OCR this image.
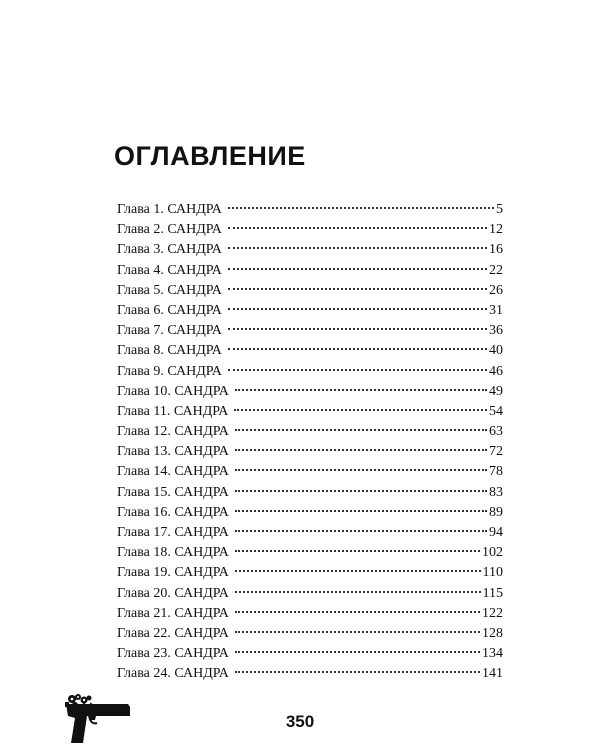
ОГЛАВЛЕНИЕ
Глава 1. САНДРА	5
Глава 2. САНДРА	12
Глава 3. САНДРА	16
Глава 4. САНДРА	22
Глава 5. САНДРА	26
Глава 6. САНДРА	31
Глава 7. САНДРА	36
Глава 8. САНДРА	40
Глава 9. САНДРА	46
Глава 10. САНДРА	49
Глава 11. САНДРА	54
Глава 12. САНДРА	63
Глава 13. САНДРА	72
Глава 14. САНДРА	78
Глава 15. САНДРА	83
Глава 16. САНДРА	89
Глава 17. САНДРА	94
Глава 18. САНДРА	102
Глава 19. САНДРА	110
Глава 20. САНДРА	115
Глава 21. САНДРА	122
Глава 22. САНДРА	128
Глава 23. САНДРА	134
Глава 24. САНДРА	141
350
